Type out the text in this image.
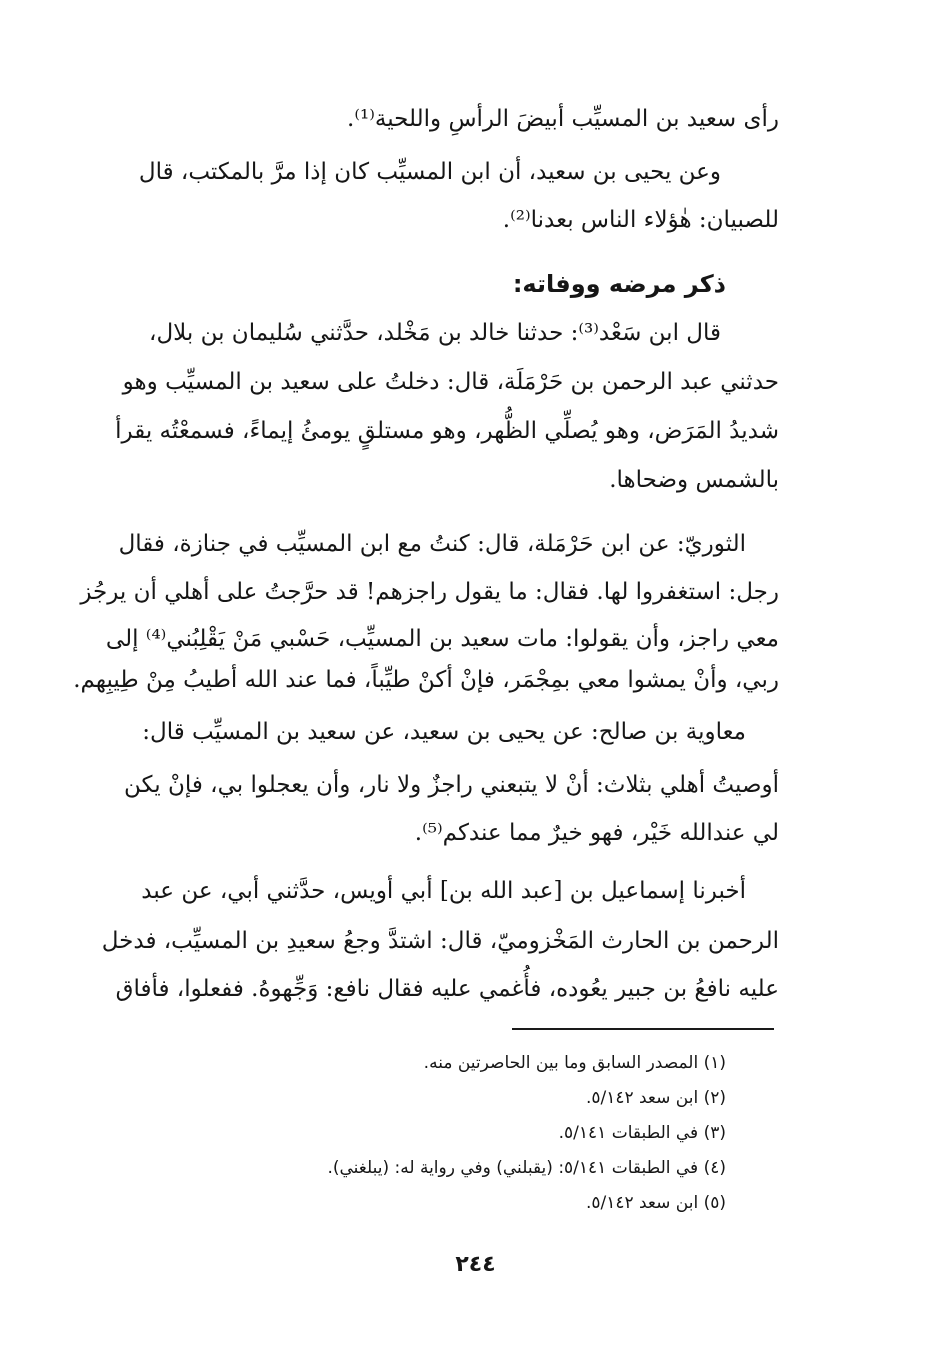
رأى سعيد بن المسيِّب أبيضَ الرأسِ واللحية⁽¹⁾.
وعن يحيى بن سعيد، أن ابن المسيِّب كان إذا مرَّ بالمكتب، قال
للصبيان: هٰؤلاء الناس بعدنا⁽²⁾.
ذكر مرضه ووفاته:
قال ابن سَعْد⁽³⁾: حدثنا خالد بن مَخْلد، حدَّثني سُليمان بن بلال،
حدثني عبد الرحمن بن حَرْمَلَة، قال: دخلتُ على سعيد بن المسيِّب وهو
شديدُ المَرَض، وهو يُصلِّي الظُّهر، وهو مستلقٍ يومئُ إيماءً، فسمعْتُه يقرأ
بالشمس وضحاها.
الثوريّ: عن ابن حَرْمَلة، قال: كنتُ مع ابن المسيِّب في جنازة، فقال
رجل: استغفروا لها. فقال: ما يقول راجزهم! قد حرَّجتُ على أهلي أن يرجُز
معي راجز، وأن يقولوا: مات سعيد بن المسيِّب، حَسْبي مَنْ يَقْلِبُني⁽⁴⁾ إلى
ربي، وأنْ يمشوا معي بمِجْمَر، فإنْ أكنْ طيِّباً، فما عند الله أطيبُ مِنْ طِيبِهم.
معاوية بن صالح: عن يحيى بن سعيد، عن سعيد بن المسيِّب قال:
أوصيتُ أهلي بثلاث: أنْ لا يتبعني راجزٌ ولا نار، وأن يعجلوا بي، فإنْ يكن
لي عندالله خَيْر، فهو خيرٌ مما عندكم⁽⁵⁾.
أخبرنا إسماعيل بن [عبد الله بن] أبي أويس، حدَّثني أبي، عن عبد
الرحمن بن الحارث المَخْزوميّ، قال: اشتدَّ وجعُ سعيدِ بن المسيِّب، فدخل
عليه نافعُ بن جبير يعُوده، فأُغمي عليه فقال نافع: وَجِّهوهُ. ففعلوا، فأفاق
(١) المصدر السابق وما بين الحاصرتين منه.
(٢) ابن سعد ٥/١٤٢.
(٣) في الطبقات ٥/١٤١.
(٤) في الطبقات ٥/١٤١: (يقبلني) وفي رواية له: (يبلغني).
(٥) ابن سعد ٥/١٤٢.
٢٤٤
